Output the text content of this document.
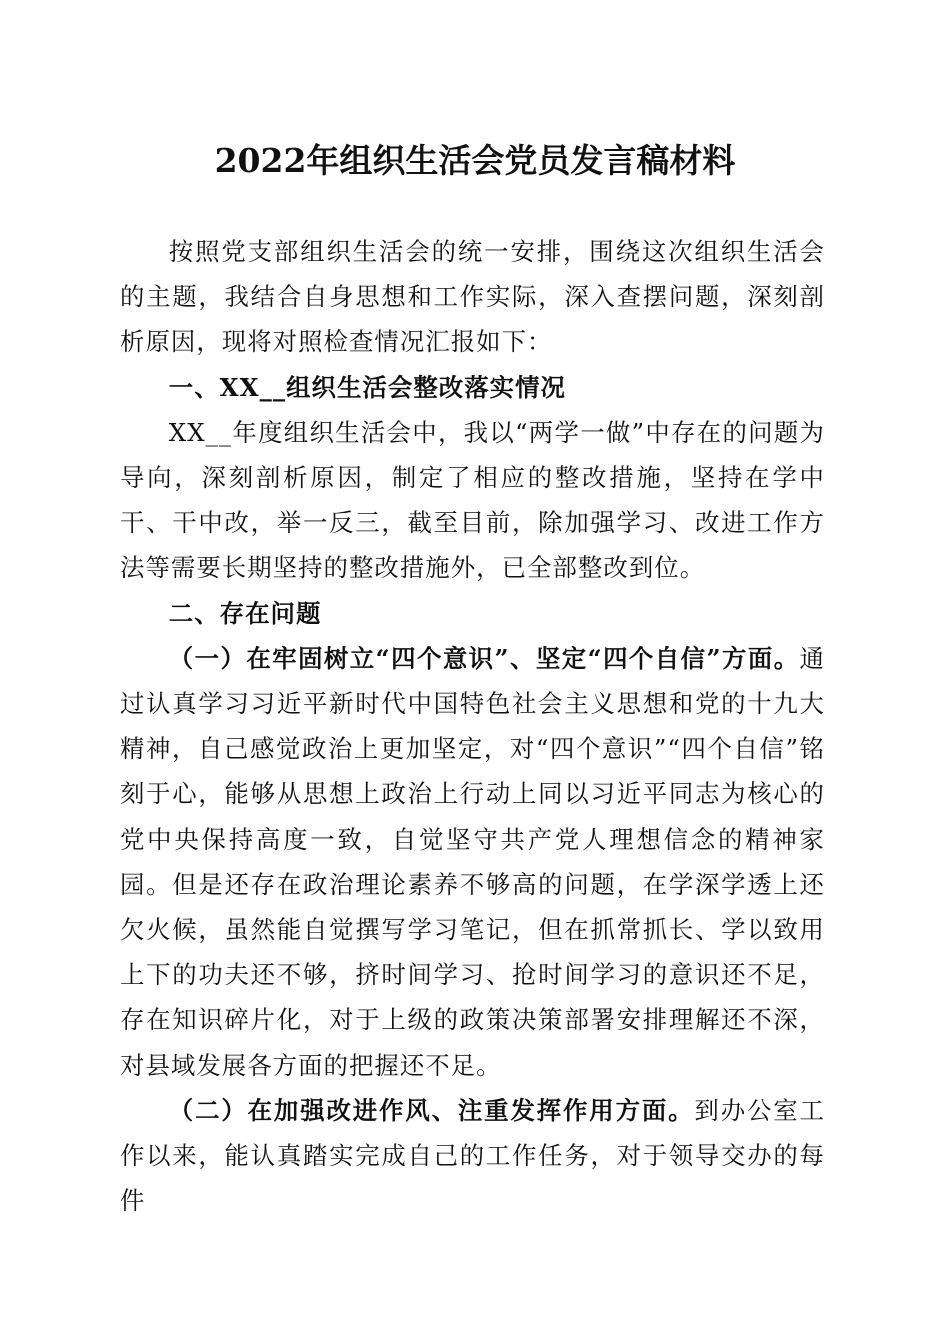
2022年组织生活会党员发言稿材料

按照党支部组织生活会的统一安排，围绕这次组织生活会的主题，我结合自身思想和工作实际，深入查摆问题，深刻剖析原因，现将对照检查情况汇报如下：

一、XX__组织生活会整改落实情况

XX__年度组织生活会中，我以“两学一做”中存在的问题为导向，深刻剖析原因，制定了相应的整改措施，坚持在学中干、干中改，举一反三，截至目前，除加强学习、改进工作方法等需要长期坚持的整改措施外，已全部整改到位。

二、存在问题

（一）在牢固树立“四个意识”、坚定“四个自信”方面。通过认真学习习近平新时代中国特色社会主义思想和党的十九大精神，自己感觉政治上更加坚定，对“四个意识”“四个自信”铭刻于心，能够从思想上政治上行动上同以习近平同志为核心的党中央保持高度一致，自觉坚守共产党人理想信念的精神家园。但是还存在政治理论素养不够高的问题，在学深学透上还欠火候，虽然能自觉撰写学习笔记，但在抓常抓长、学以致用上下的功夫还不够，挤时间学习、抢时间学习的意识还不足，存在知识碎片化，对于上级的政策决策部署安排理解还不深，对县域发展各方面的把握还不足。

（二）在加强改进作风、注重发挥作用方面。到办公室工作以来，能认真踏实完成自己的工作任务，对于领导交办的每件
